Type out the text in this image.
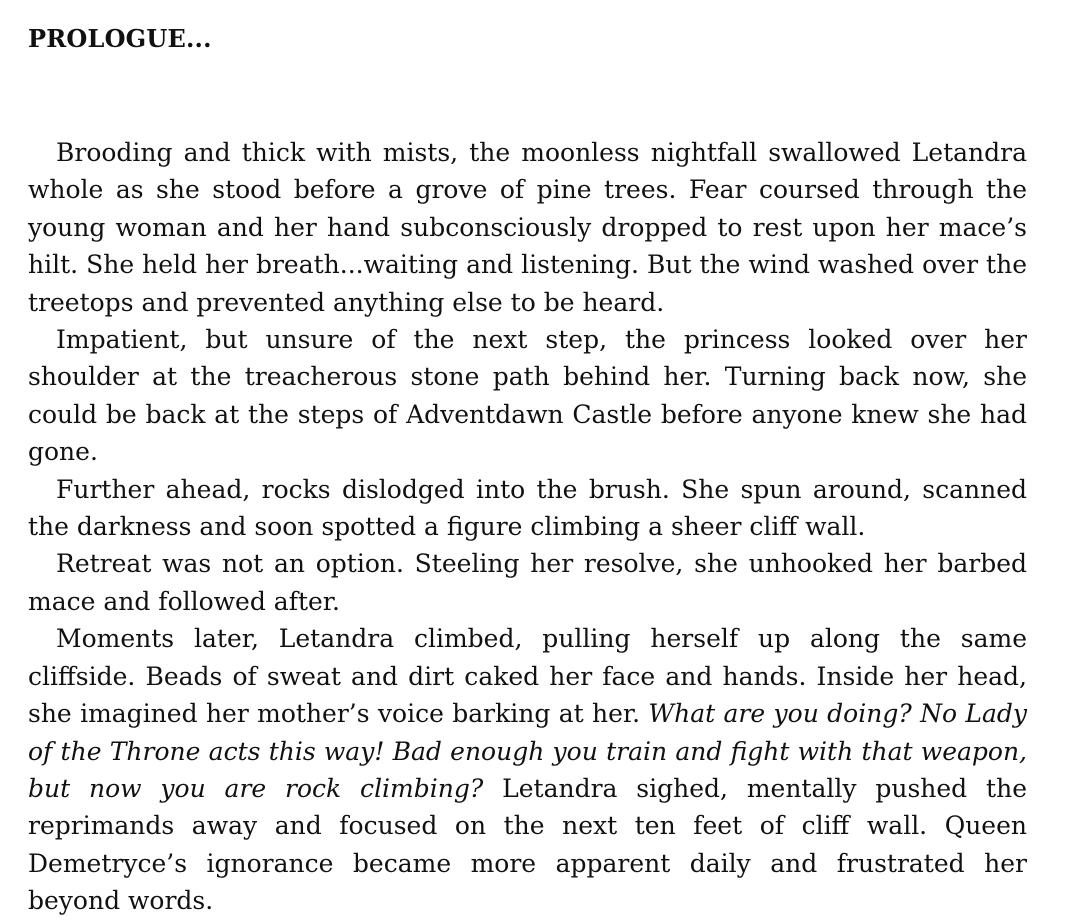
PROLOGUE...

Brooding and thick with mists, the moonless nightfall swallowed Letandra whole as she stood before a grove of pine trees. Fear coursed through the young woman and her hand subconsciously dropped to rest upon her mace’s hilt. She held her breath...waiting and listening. But the wind washed over the treetops and prevented anything else to be heard.

Impatient, but unsure of the next step, the princess looked over her shoulder at the treacherous stone path behind her. Turning back now, she could be back at the steps of Adventdawn Castle before anyone knew she had gone.

Further ahead, rocks dislodged into the brush. She spun around, scanned the darkness and soon spotted a figure climbing a sheer cliff wall.

Retreat was not an option. Steeling her resolve, she unhooked her barbed mace and followed after.

Moments later, Letandra climbed, pulling herself up along the same cliffside. Beads of sweat and dirt caked her face and hands. Inside her head, she imagined her mother’s voice barking at her. What are you doing? No Lady of the Throne acts this way! Bad enough you train and fight with that weapon, but now you are rock climbing? Letandra sighed, mentally pushed the reprimands away and focused on the next ten feet of cliff wall. Queen Demetryce’s ignorance became more apparent daily and frustrated her beyond words.
